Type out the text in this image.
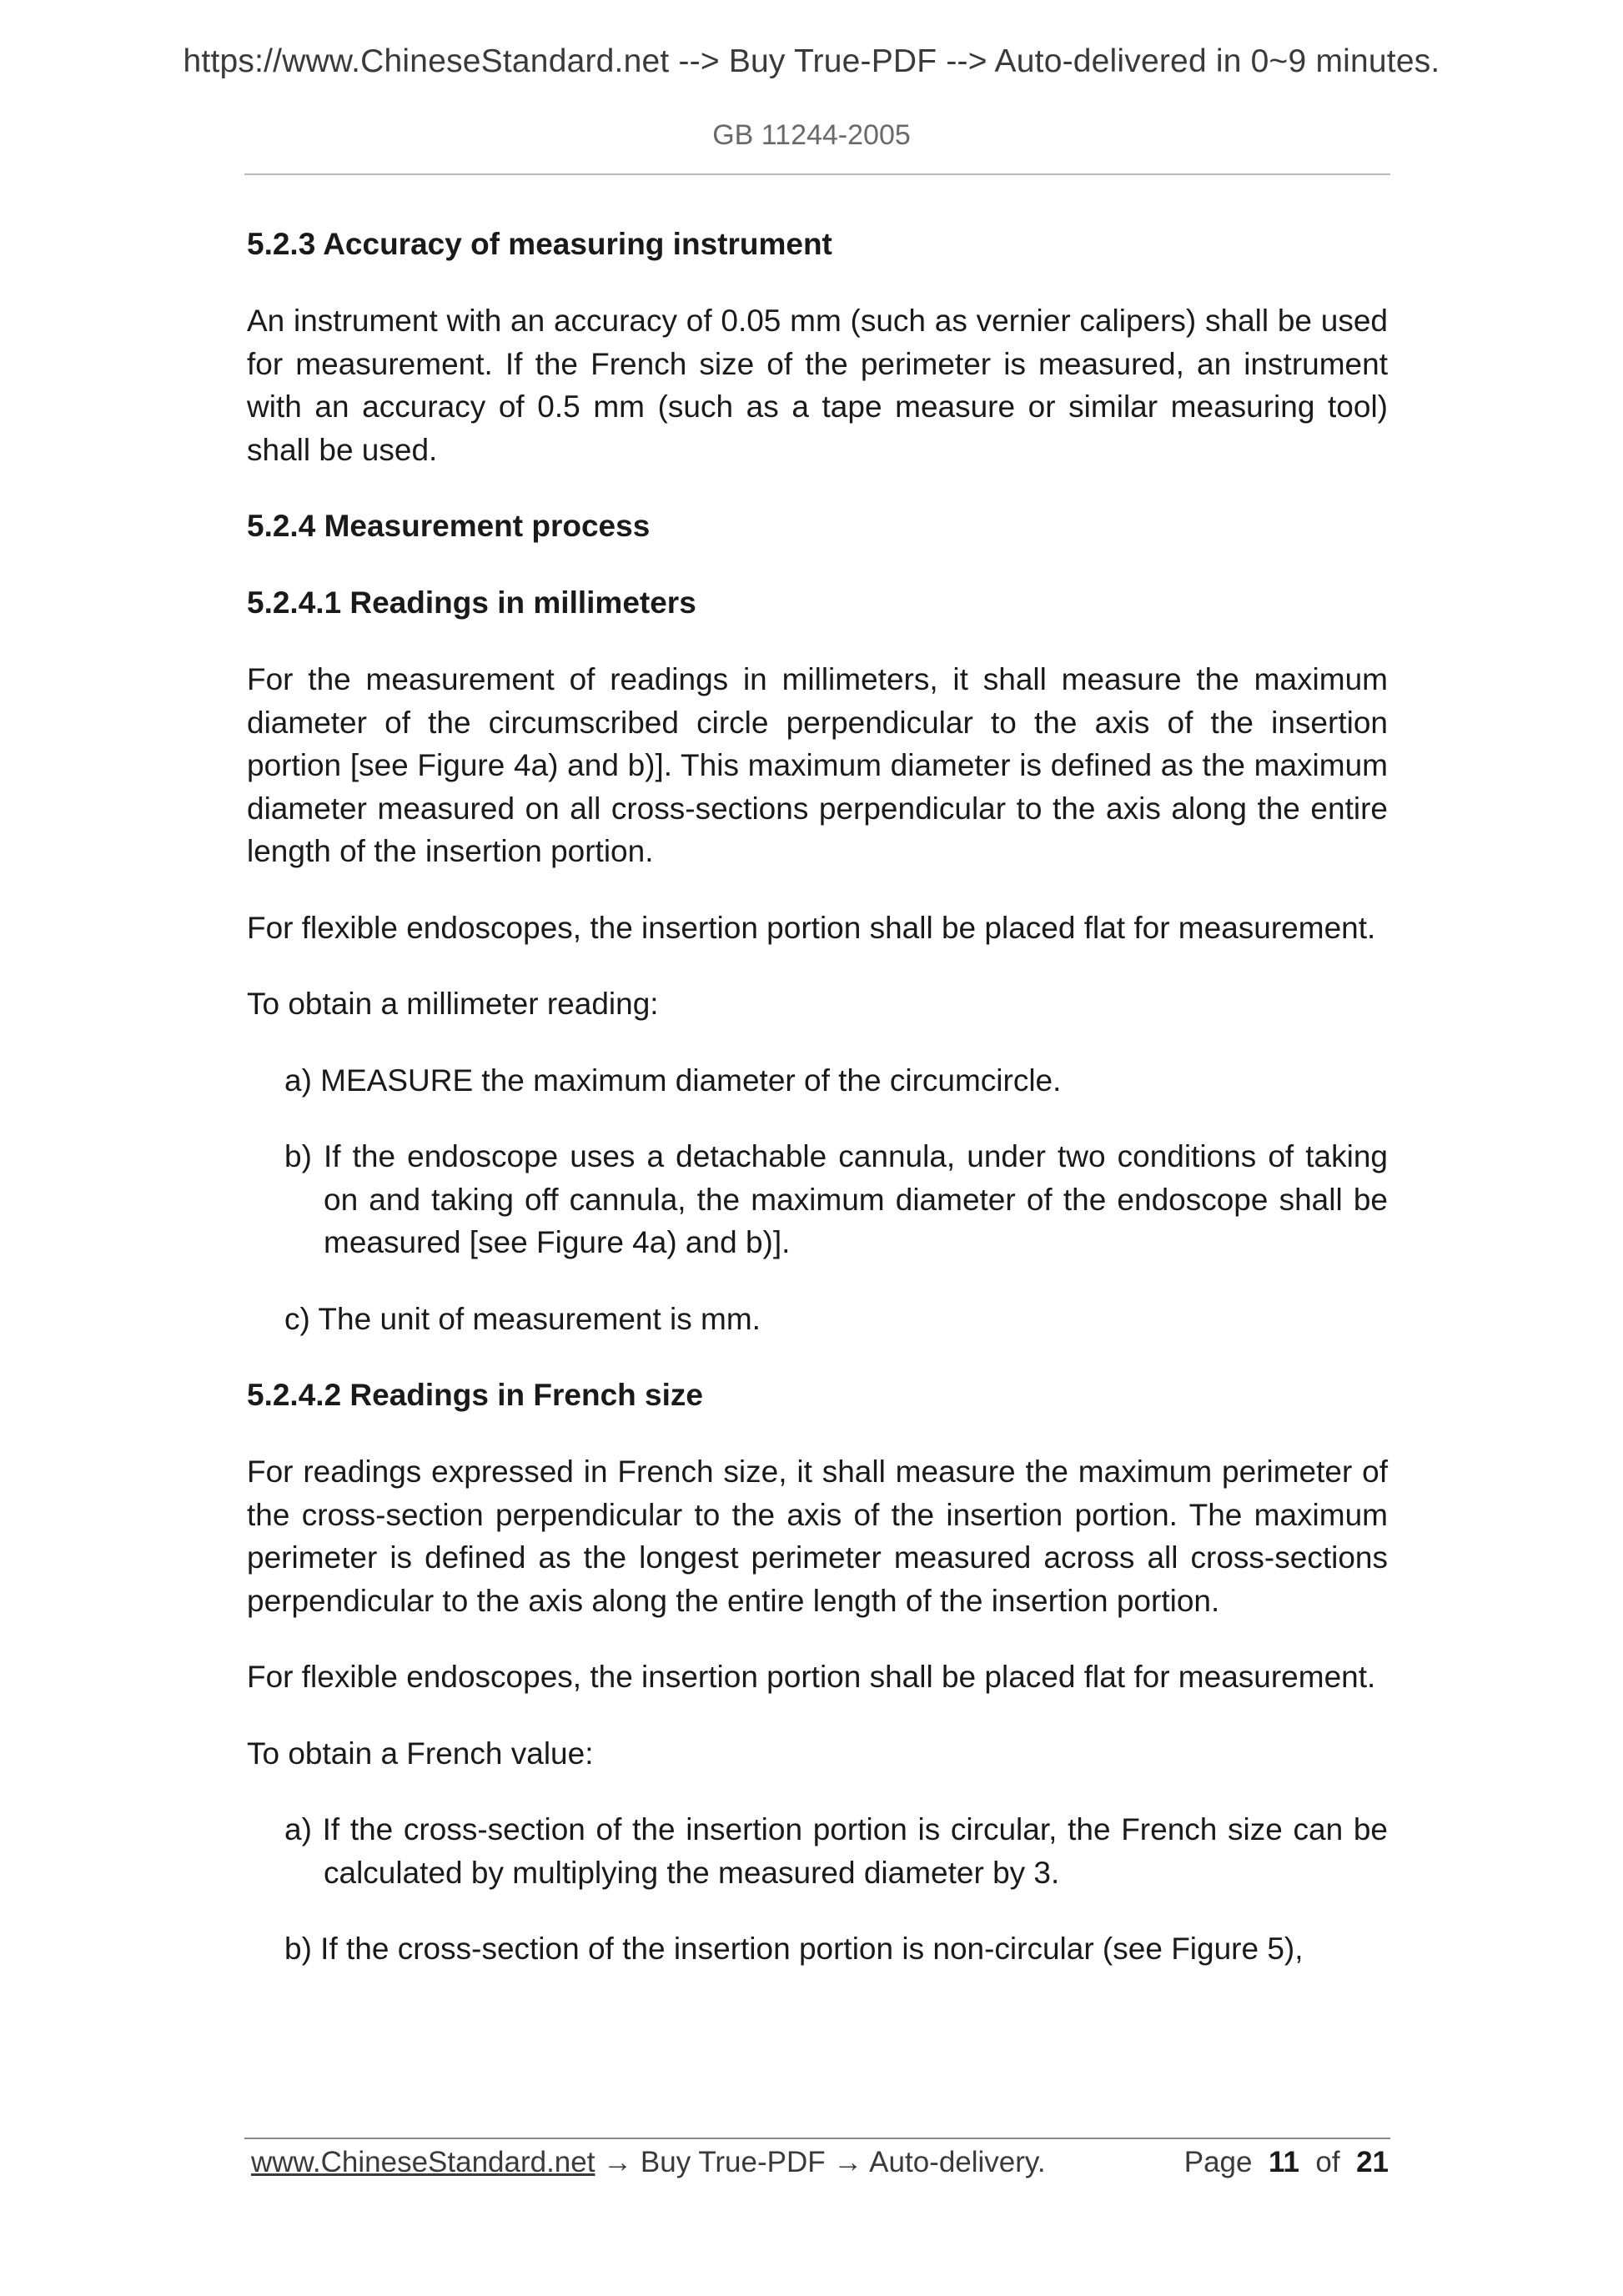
https://www.ChineseStandard.net --> Buy True-PDF --> Auto-delivered in 0~9 minutes.
GB 11244-2005
5.2.3 Accuracy of measuring instrument
An instrument with an accuracy of 0.05 mm (such as vernier calipers) shall be used for measurement. If the French size of the perimeter is measured, an instrument with an accuracy of 0.5 mm (such as a tape measure or similar measuring tool) shall be used.
5.2.4 Measurement process
5.2.4.1 Readings in millimeters
For the measurement of readings in millimeters, it shall measure the maximum diameter of the circumscribed circle perpendicular to the axis of the insertion portion [see Figure 4a) and b)]. This maximum diameter is defined as the maximum diameter measured on all cross-sections perpendicular to the axis along the entire length of the insertion portion.
For flexible endoscopes, the insertion portion shall be placed flat for measurement.
To obtain a millimeter reading:
a) MEASURE the maximum diameter of the circumcircle.
b) If the endoscope uses a detachable cannula, under two conditions of taking on and taking off cannula, the maximum diameter of the endoscope shall be measured [see Figure 4a) and b)].
c) The unit of measurement is mm.
5.2.4.2 Readings in French size
For readings expressed in French size, it shall measure the maximum perimeter of the cross-section perpendicular to the axis of the insertion portion. The maximum perimeter is defined as the longest perimeter measured across all cross-sections perpendicular to the axis along the entire length of the insertion portion.
For flexible endoscopes, the insertion portion shall be placed flat for measurement.
To obtain a French value:
a) If the cross-section of the insertion portion is circular, the French size can be calculated by multiplying the measured diameter by 3.
b) If the cross-section of the insertion portion is non-circular (see Figure 5),
www.ChineseStandard.net → Buy True-PDF → Auto-delivery.	Page 11 of 21
